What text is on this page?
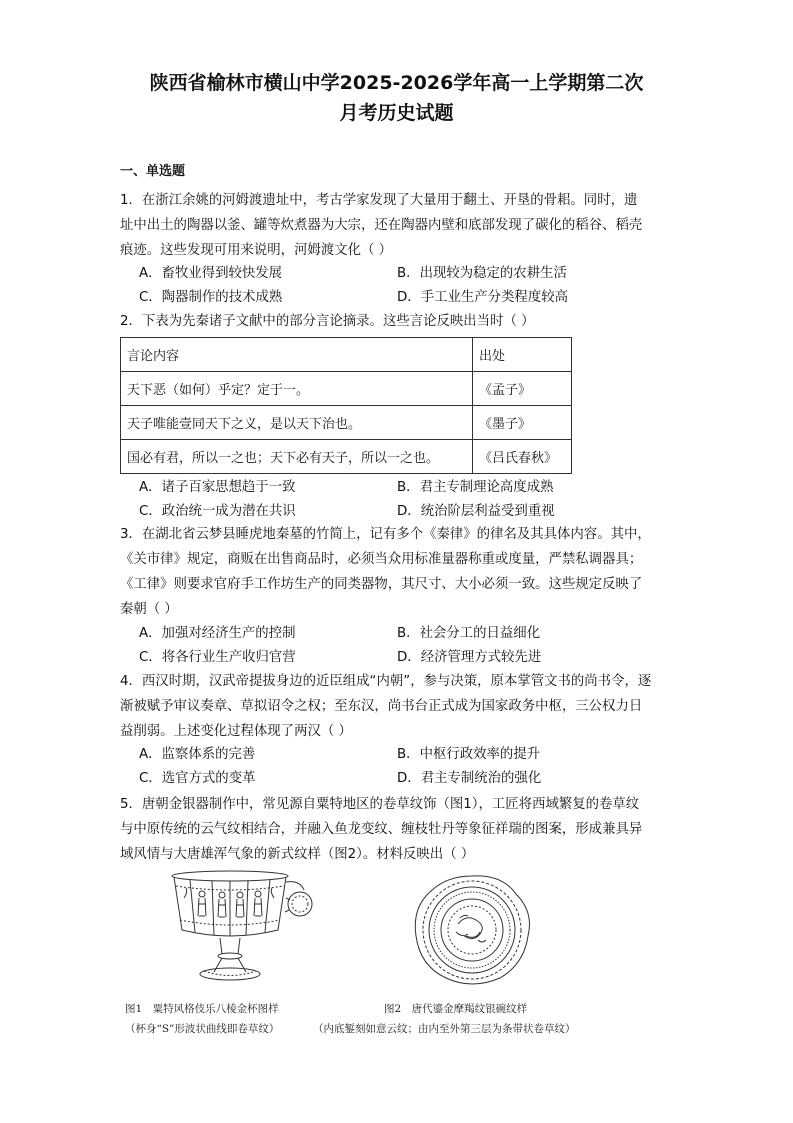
陕西省榆林市横山中学2025-2026学年高一上学期第二次
月考历史试题
一、单选题
1．在浙江余姚的河姆渡遗址中，考古学家发现了大量用于翻土、开垦的骨耜。同时，遗
址中出土的陶器以釜、罐等炊煮器为大宗，还在陶器内壁和底部发现了碳化的稻谷、稻壳
痕迹。这些发现可用来说明，河姆渡文化（ ）
A．畜牧业得到较快发展	B．出现较为稳定的农耕生活
C．陶器制作的技术成熟	D．手工业生产分类程度较高
2．下表为先秦诸子文献中的部分言论摘录。这些言论反映出当时（ ）
言论内容	出处
天下恶（如何）乎定？定于一。	《孟子》
天子唯能壹同天下之义，是以天下治也。	《墨子》
国必有君，所以一之也；天下必有天子，所以一之也。	《吕氏春秋》
A．诸子百家思想趋于一致	B．君主专制理论高度成熟
C．政治统一成为潜在共识	D．统治阶层利益受到重视
3．在湖北省云梦县睡虎地秦墓的竹简上，记有多个《秦律》的律名及其具体内容。其中，
《关市律》规定，商贩在出售商品时，必须当众用标准量器称重或度量，严禁私调器具；
《工律》则要求官府手工作坊生产的同类器物，其尺寸、大小必须一致。这些规定反映了
秦朝（ ）
A．加强对经济生产的控制	B．社会分工的日益细化
C．将各行业生产收归官营	D．经济管理方式较先进
4．西汉时期，汉武帝提拔身边的近臣组成“内朝”，参与决策，原本掌管文书的尚书令，逐
渐被赋予审议奏章、草拟诏令之权；至东汉，尚书台正式成为国家政务中枢，三公权力日
益削弱。上述变化过程体现了两汉（ ）
A．监察体系的完善	B．中枢行政效率的提升
C．选官方式的变革	D．君主专制统治的强化
5．唐朝金银器制作中，常见源自粟特地区的卷草纹饰（图1），工匠将西域繁复的卷草纹
与中原传统的云气纹相结合，并融入鱼龙变纹、缠枝牡丹等象征祥瑞的图案，形成兼具异
域风情与大唐雄浑气象的新式纹样（图2）。材料反映出（ ）
图1　粟特风格伎乐八棱金杯图样
（杯身“S”形波状曲线即卷草纹）
图2　唐代鎏金摩羯纹银碗纹样
（内底錾刻如意云纹；由内至外第三层为条带状卷草纹）
